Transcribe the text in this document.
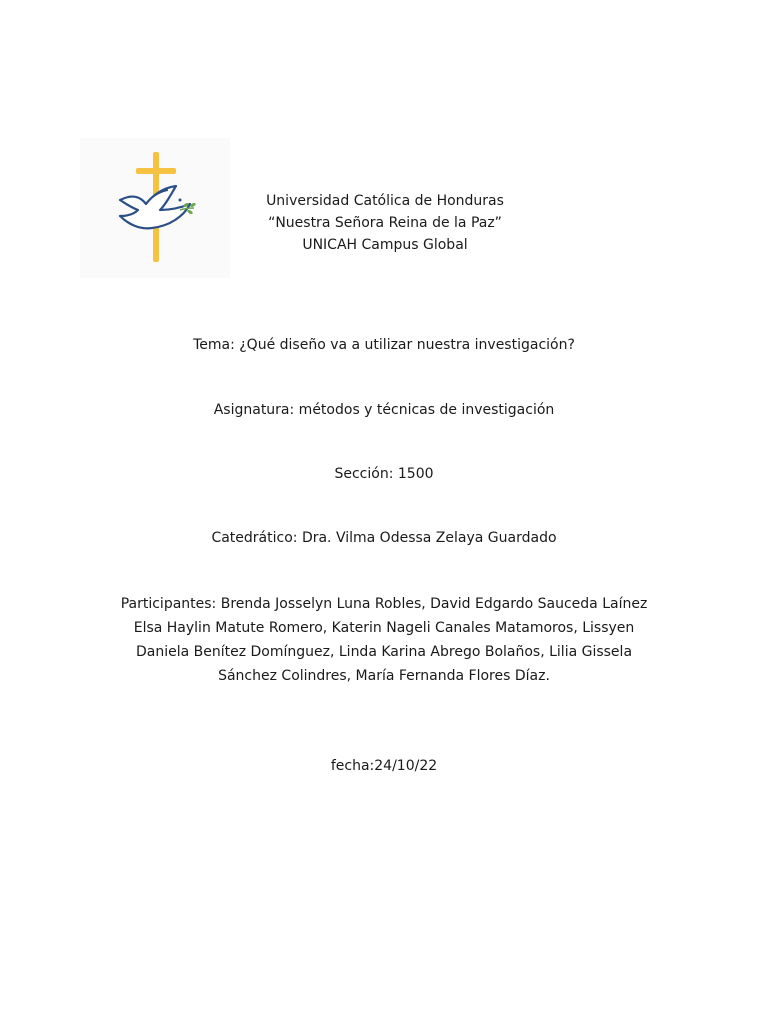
Universidad Católica de Honduras
“Nuestra Señora Reina de la Paz”
UNICAH Campus Global
Tema: ¿Qué diseño va a utilizar nuestra investigación?
Asignatura: métodos y técnicas de investigación
Sección: 1500
Catedrático: Dra. Vilma Odessa Zelaya Guardado
Participantes: Brenda Josselyn Luna Robles, David Edgardo Sauceda Laínez
Elsa Haylin Matute Romero, Katerin Nageli Canales Matamoros, Lissyen
Daniela Benítez Domínguez, Linda Karina Abrego Bolaños, Lilia Gissela
Sánchez Colindres, María Fernanda Flores Díaz.
fecha:24/10/22
